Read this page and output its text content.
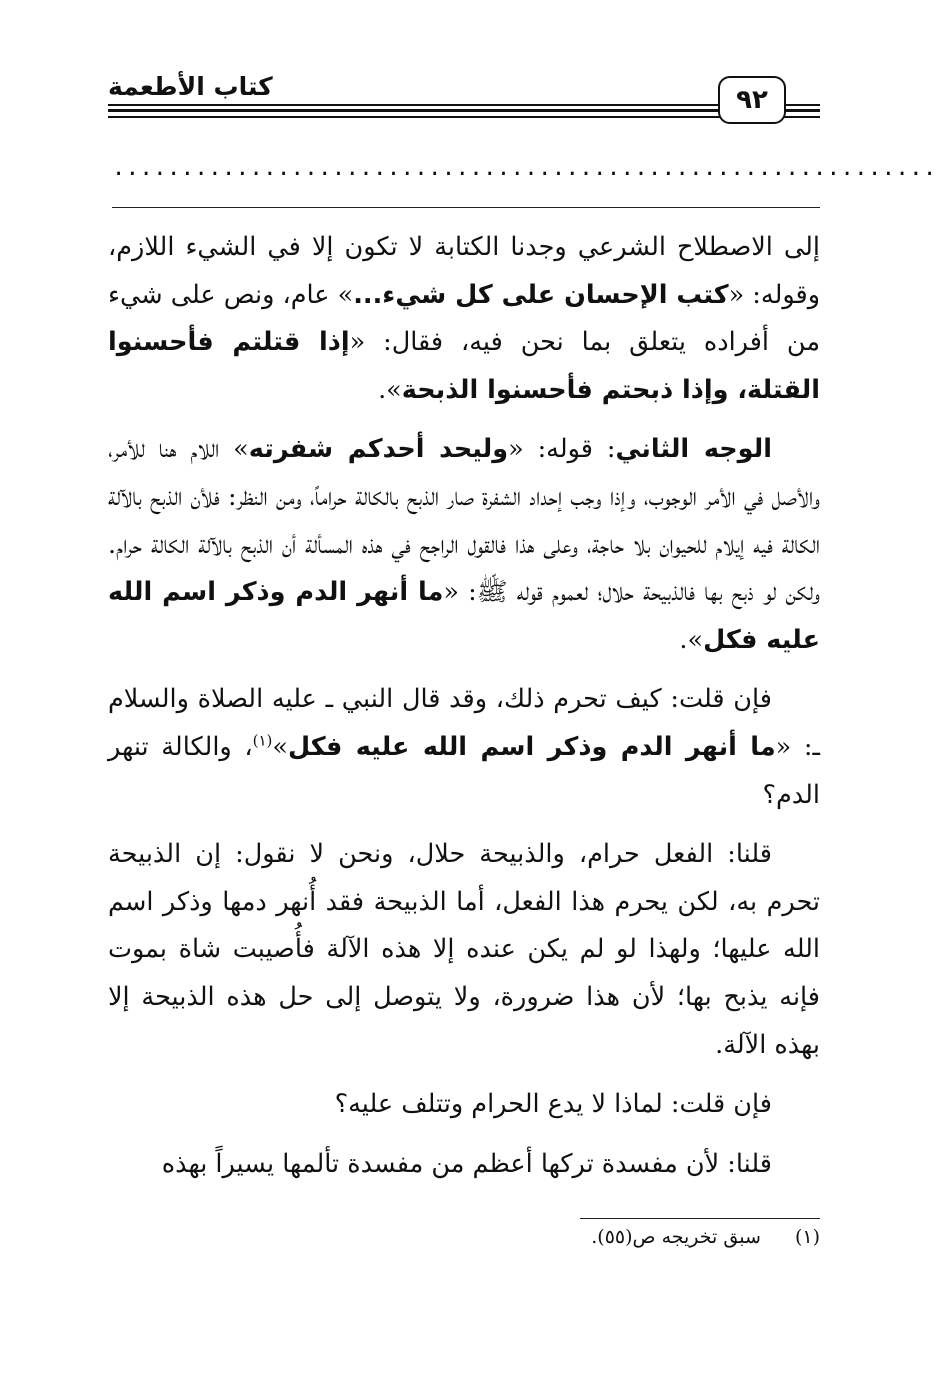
كتاب الأطعمة	٩٢
............................................................

إلى الاصطلاح الشرعي وجدنا الكتابة لا تكون إلا في الشيء اللازم، وقوله: «كتب الإحسان على كل شيء...» عام، ونص على شيء من أفراده يتعلق بما نحن فيه، فقال: «إذا قتلتم فأحسنوا القتلة، وإذا ذبحتم فأحسنوا الذبحة».

الوجه الثاني: قوله: «وليحد أحدكم شفرته» اللام هنا للأمر، والأصل في الأمر الوجوب، وإذا وجب إحداد الشفرة صار الذبح بالكالة حراماً، ومن النظر: فلأن الذبح بالآلة الكالة فيه إيلام للحيوان بلا حاجة، وعلى هذا فالقول الراجح في هذه المسألة أن الذبح بالآلة الكالة حرام. ولكن لو ذبح بها فالذبيحة حلال؛ لعموم قوله ﷺ: «ما أنهر الدم وذكر اسم الله عليه فكل».

فإن قلت: كيف تحرم ذلك، وقد قال النبي ـ عليه الصلاة والسلام ـ: «ما أنهر الدم وذكر اسم الله عليه فكل»$^{(١)}$، والكالة تنهر الدم؟

قلنا: الفعل حرام، والذبيحة حلال، ونحن لا نقول: إن الذبيحة تحرم به، لكن يحرم هذا الفعل، أما الذبيحة فقد أُنهر دمها وذكر اسم الله عليها؛ ولهذا لو لم يكن عنده إلا هذه الآلة فأُصيبت شاة بموت فإنه يذبح بها؛ لأن هذا ضرورة، ولا يتوصل إلى حل هذه الذبيحة إلا بهذه الآلة.

فإن قلت: لماذا لا يدع الحرام وتتلف عليه؟

قلنا: لأن مفسدة تركها أعظم من مفسدة تألمها يسيراً بهذه

(١) سبق تخريجه ص(٥٥).
